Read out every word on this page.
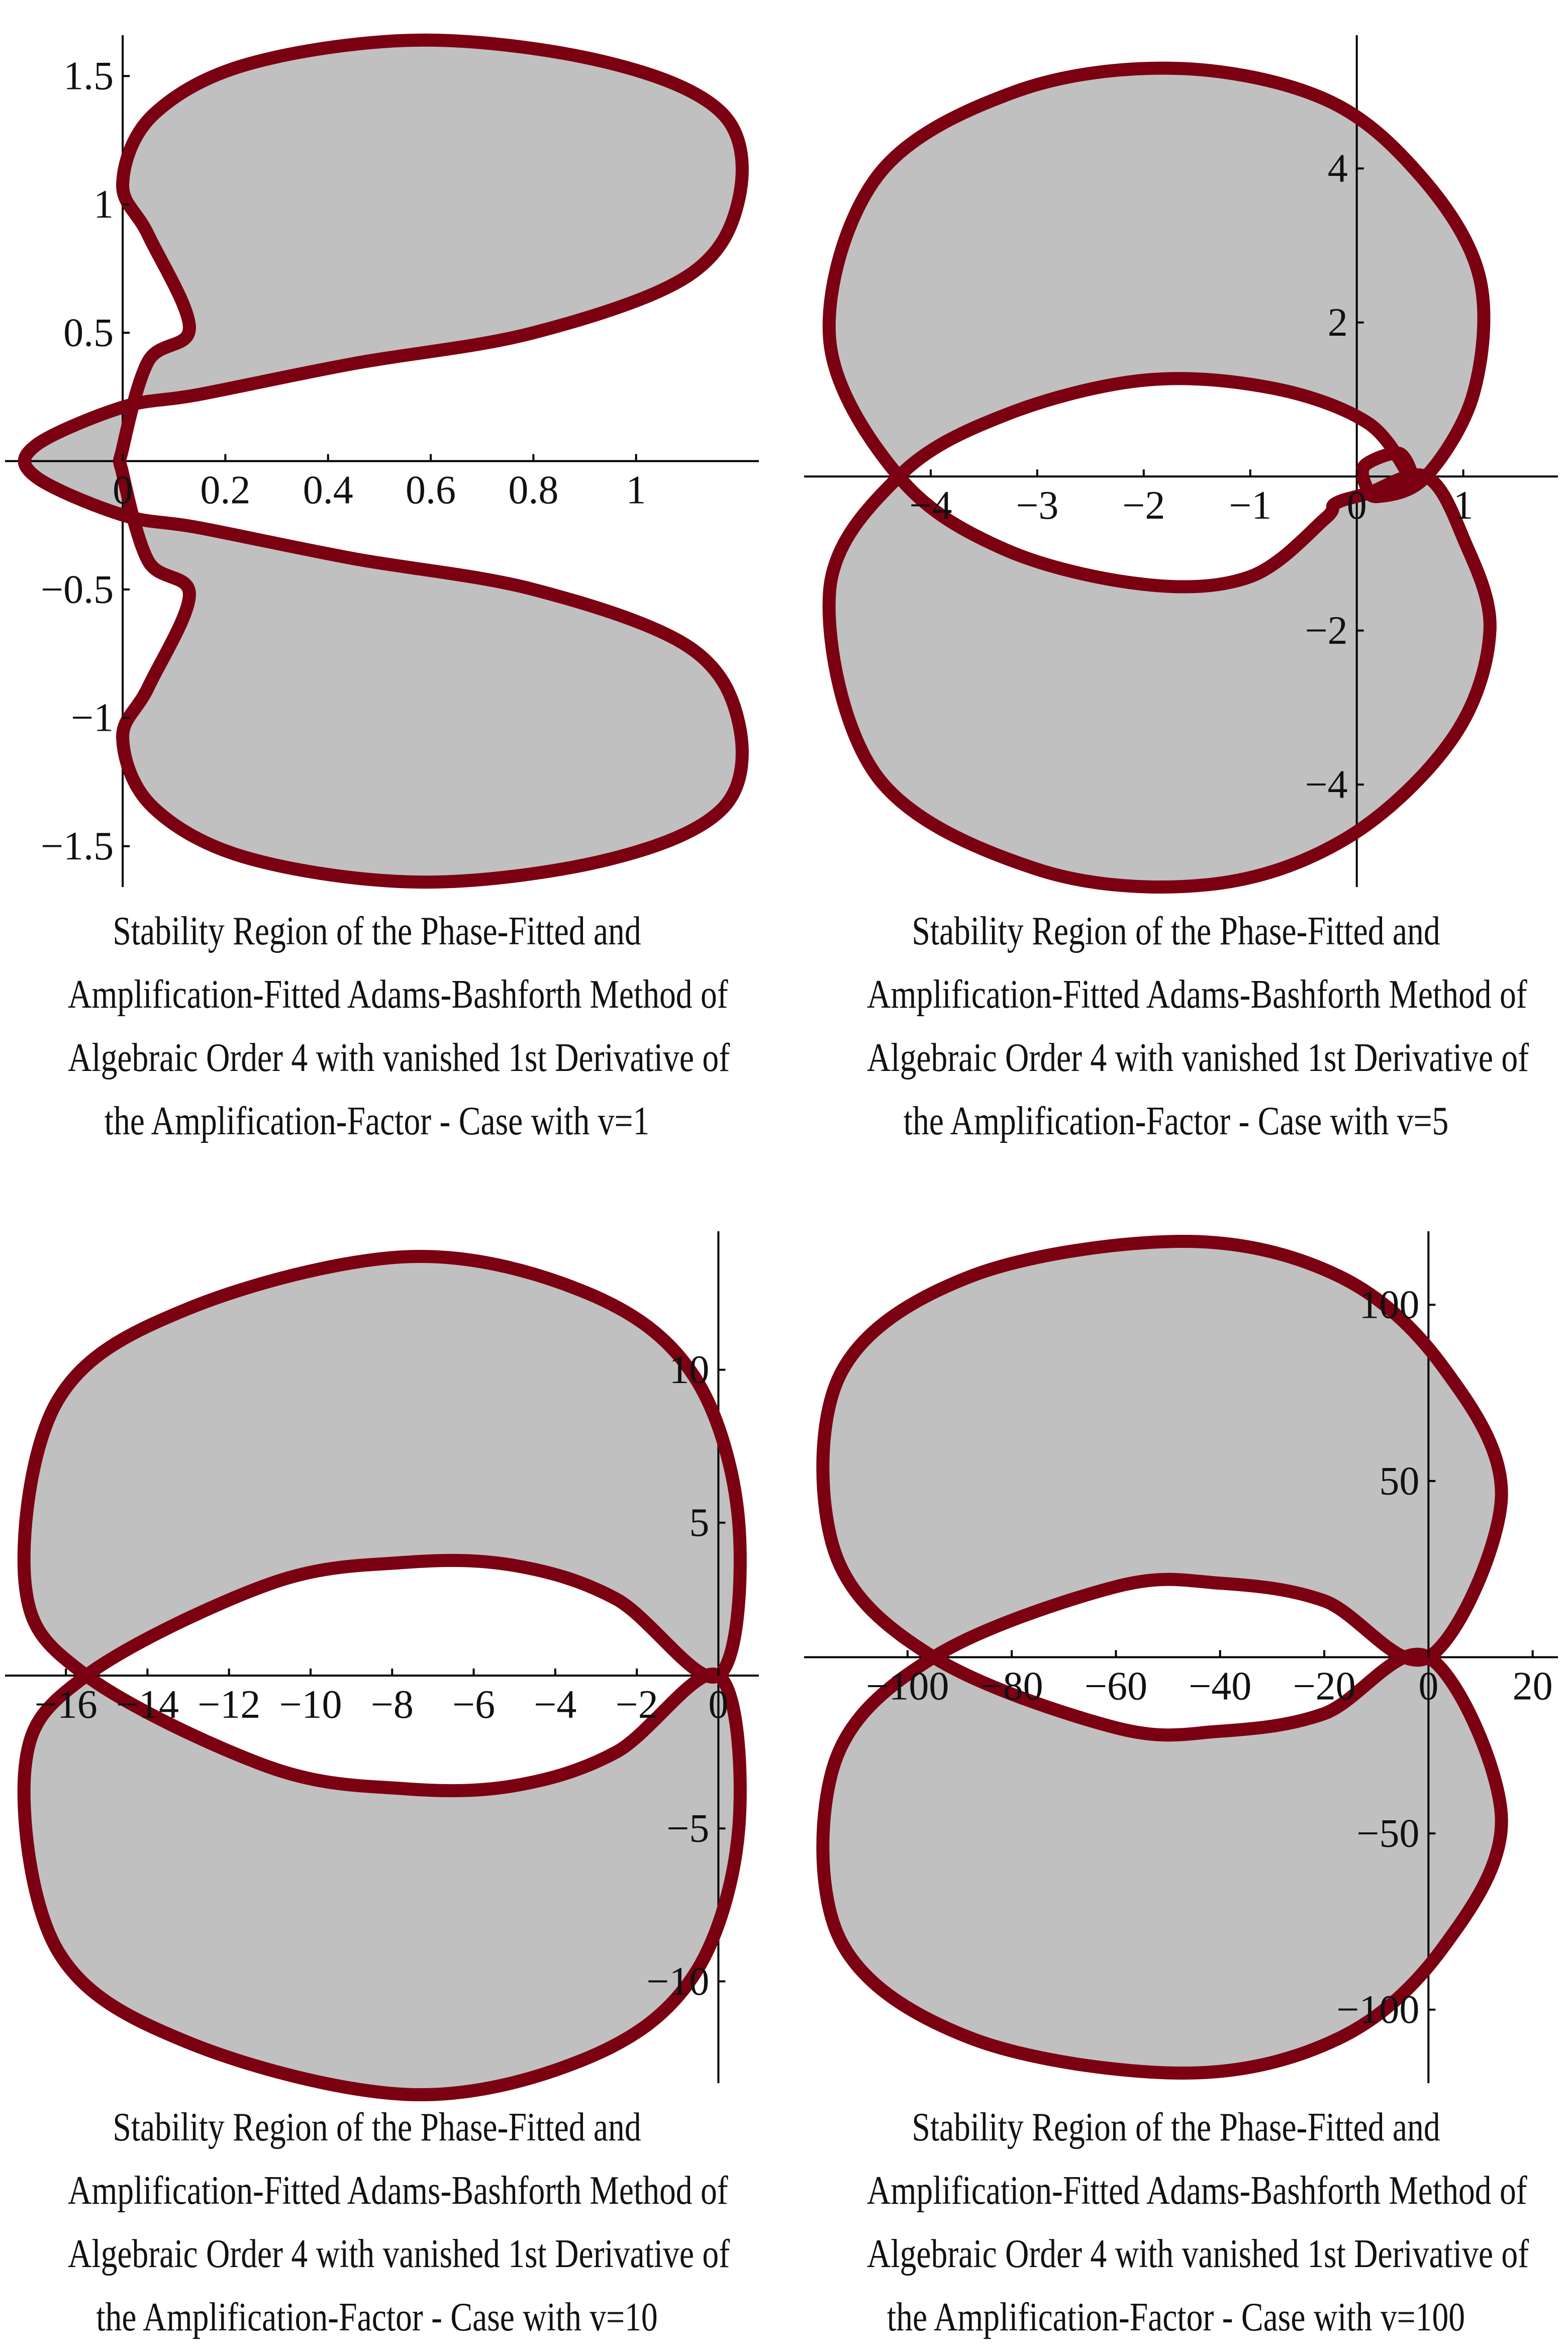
0 0.2 0.4 0.6 0.8 1
1.5
1
0.5
−0.5
−1
−1.5
Stability Region of the Phase-Fitted and
Amplification-Fitted Adams-Bashforth Method of
Algebraic Order 4 with vanished 1st Derivative of
the Amplification-Factor - Case with v=1
−4 −3 −2 −1 0 1
4
2
−2
−4
Stability Region of the Phase-Fitted and
Amplification-Fitted Adams-Bashforth Method of
Algebraic Order 4 with vanished 1st Derivative of
the Amplification-Factor - Case with v=5
−16 −14 −12 −10 −8 −6 −4 −2 0
10
5
−5
−10
Stability Region of the Phase-Fitted and
Amplification-Fitted Adams-Bashforth Method of
Algebraic Order 4 with vanished 1st Derivative of
the Amplification-Factor - Case with v=10
−100 −80 −60 −40 −20 0 20
100
50
−50
−100
Stability Region of the Phase-Fitted and
Amplification-Fitted Adams-Bashforth Method of
Algebraic Order 4 with vanished 1st Derivative of
the Amplification-Factor - Case with v=100
